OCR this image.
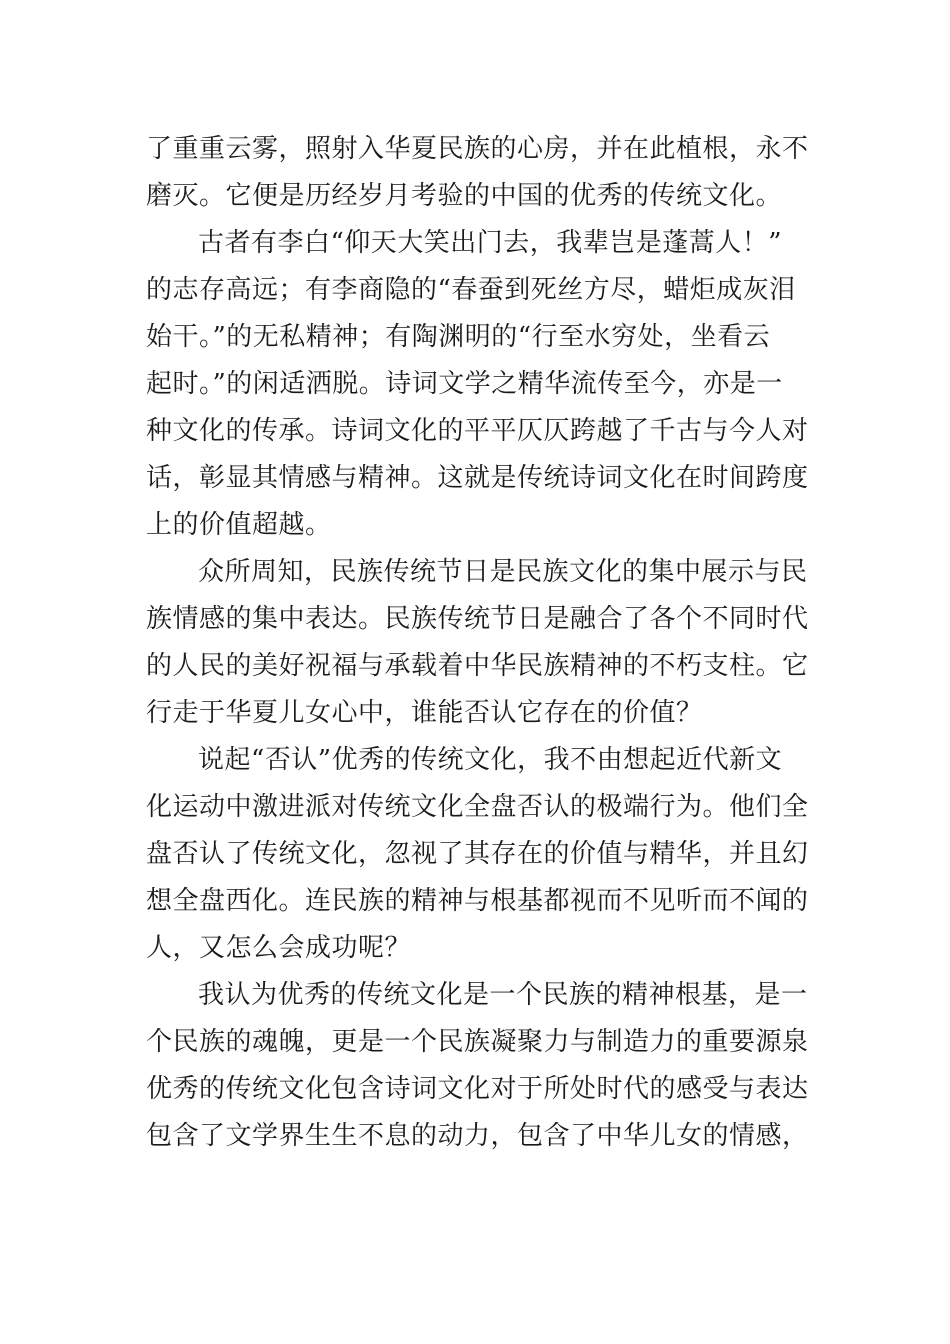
了重重云雾，照射入华夏民族的心房，并在此植根，永不
磨灭。它便是历经岁月考验的中国的优秀的传统文化。
古者有李白“仰天大笑出门去，我辈岂是蓬蒿人！”
的志存高远；有李商隐的“春蚕到死丝方尽，蜡炬成灰泪
始干。”的无私精神；有陶渊明的“行至水穷处，坐看云
起时。”的闲适洒脱。诗词文学之精华流传至今，亦是一
种文化的传承。诗词文化的平平仄仄跨越了千古与今人对
话，彰显其情感与精神。这就是传统诗词文化在时间跨度
上的价值超越。
众所周知，民族传统节日是民族文化的集中展示与民
族情感的集中表达。民族传统节日是融合了各个不同时代
的人民的美好祝福与承载着中华民族精神的不朽支柱。它
行走于华夏儿女心中，谁能否认它存在的价值？
说起“否认”优秀的传统文化，我不由想起近代新文
化运动中激进派对传统文化全盘否认的极端行为。他们全
盘否认了传统文化，忽视了其存在的价值与精华，并且幻
想全盘西化。连民族的精神与根基都视而不见听而不闻的
人，又怎么会成功呢？
我认为优秀的传统文化是一个民族的精神根基，是一
个民族的魂魄，更是一个民族凝聚力与制造力的重要源泉
优秀的传统文化包含诗词文化对于所处时代的感受与表达
包含了文学界生生不息的动力，包含了中华儿女的情感，
